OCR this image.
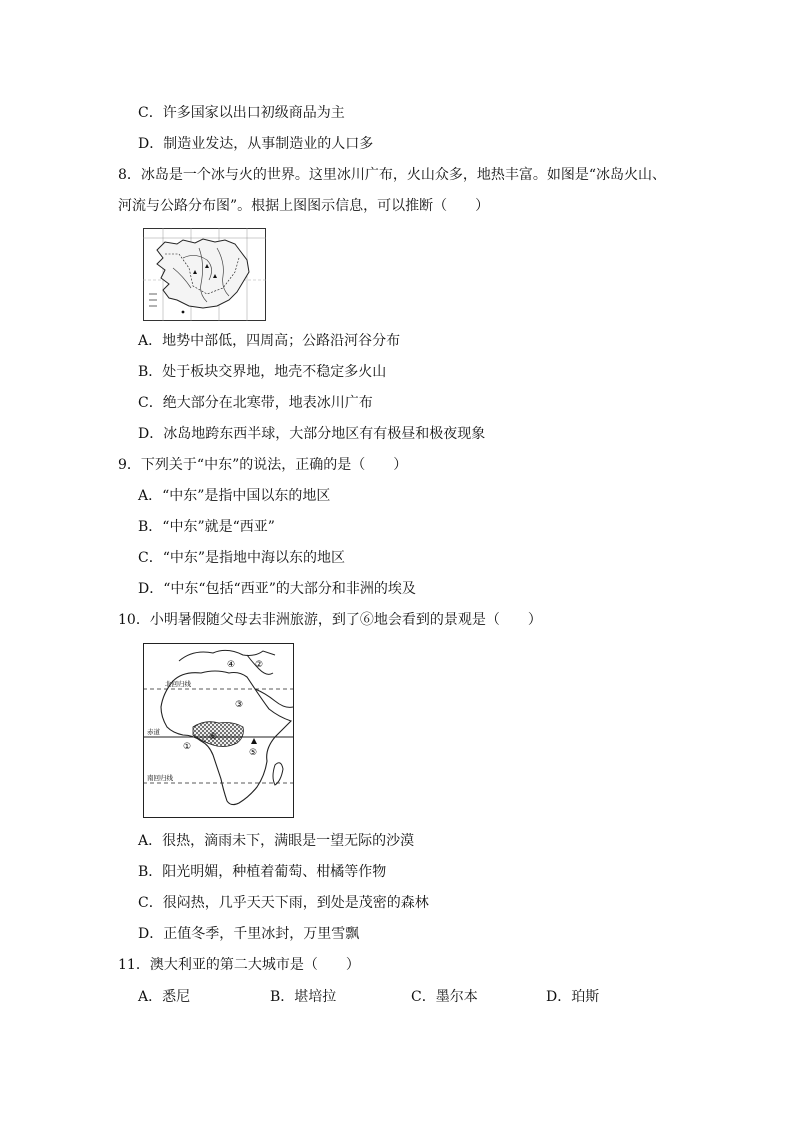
C．许多国家以出口初级商品为主
D．制造业发达，从事制造业的人口多
8．冰岛是一个冰与火的世界。这里冰川广布，火山众多，地热丰富。如图是“冰岛火山、
河流与公路分布图”。根据上图图示信息，可以推断（　　）
A．地势中部低，四周高；公路沿河谷分布
B．处于板块交界地，地壳不稳定多火山
C．绝大部分在北寒带，地表冰川广布
D．冰岛地跨东西半球，大部分地区有有极昼和极夜现象
9．下列关于“中东”的说法，正确的是（　　）
A．“中东”是指中国以东的地区
B．“中东”就是“西亚”
C．“中东”是指地中海以东的地区
D．“中东“包括“西亚”的大部分和非洲的埃及
10．小明暑假随父母去非洲旅游，到了⑥地会看到的景观是（　　）
北回归线
赤道
南回归线
①
②
③
④
⑤
⑥
A．很热，滴雨未下，满眼是一望无际的沙漠
B．阳光明媚，种植着葡萄、柑橘等作物
C．很闷热，几乎天天下雨，到处是茂密的森林
D．正值冬季，千里冰封，万里雪飘
11．澳大利亚的第二大城市是（　　）
A．悉尼	B．堪培拉	C．墨尔本	D．珀斯
